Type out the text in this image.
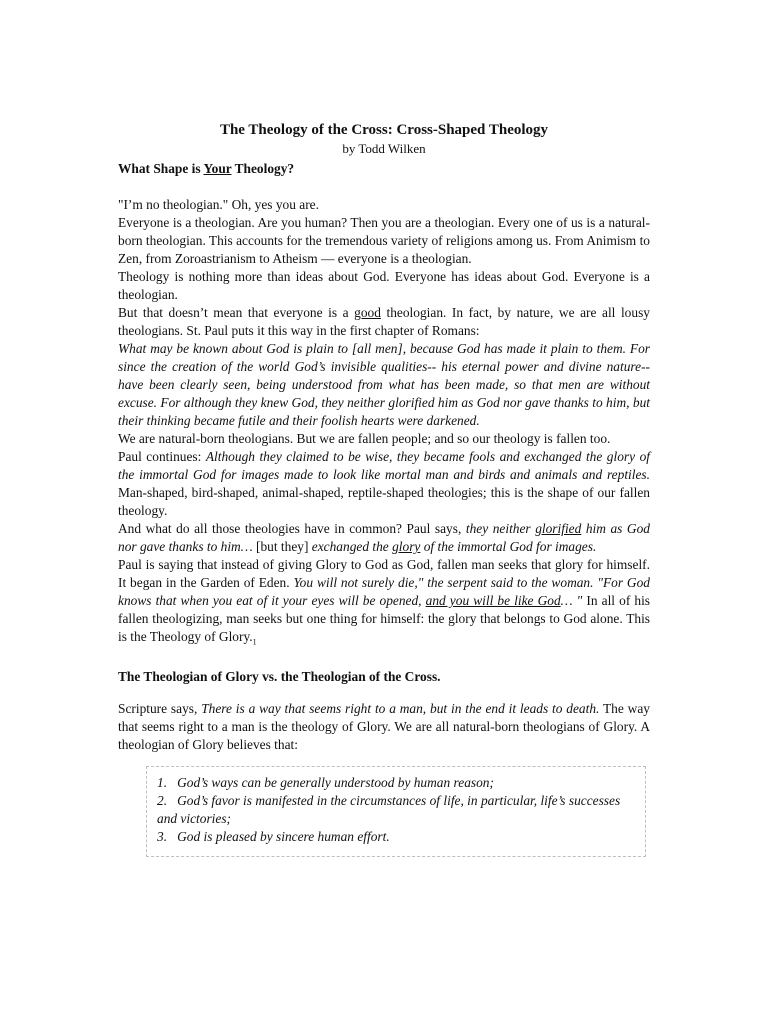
The Theology of the Cross: Cross-Shaped Theology

by Todd Wilken

What Shape is Your Theology?

"I’m no theologian." Oh, yes you are.

Everyone is a theologian. Are you human? Then you are a theologian. Every one of us is a natural-born theologian. This accounts for the tremendous variety of religions among us. From Animism to Zen, from Zoroastrianism to Atheism — everyone is a theologian.

Theology is nothing more than ideas about God. Everyone has ideas about God. Everyone is a theologian.

But that doesn’t mean that everyone is a good theologian. In fact, by nature, we are all lousy theologians. St. Paul puts it this way in the first chapter of Romans:

What may be known about God is plain to [all men], because God has made it plain to them. For since the creation of the world God’s invisible qualities-- his eternal power and divine nature-- have been clearly seen, being understood from what has been made, so that men are without excuse. For although they knew God, they neither glorified him as God nor gave thanks to him, but their thinking became futile and their foolish hearts were darkened.

We are natural-born theologians. But we are fallen people; and so our theology is fallen too.

Paul continues: Although they claimed to be wise, they became fools and exchanged the glory of the immortal God for images made to look like mortal man and birds and animals and reptiles. Man-shaped, bird-shaped, animal-shaped, reptile-shaped theologies; this is the shape of our fallen theology.

And what do all those theologies have in common? Paul says, they neither glorified him as God nor gave thanks to him… [but they] exchanged the glory of the immortal God for images.

Paul is saying that instead of giving Glory to God as God, fallen man seeks that glory for himself. It began in the Garden of Eden. You will not surely die," the serpent said to the woman. "For God knows that when you eat of it your eyes will be opened, and you will be like God… " In all of his fallen theologizing, man seeks but one thing for himself: the glory that belongs to God alone. This is the Theology of $Glory._1$

The Theologian of Glory vs. the Theologian of the Cross.

Scripture says, There is a way that seems right to a man, but in the end it leads to death. The way that seems right to a man is the theology of Glory. We are all natural-born theologians of Glory. A theologian of Glory believes that:

1.   God’s ways can be generally understood by human reason;

2.   God’s favor is manifested in the circumstances of life, in particular, life’s successes and victories;

3.   God is pleased by sincere human effort.
